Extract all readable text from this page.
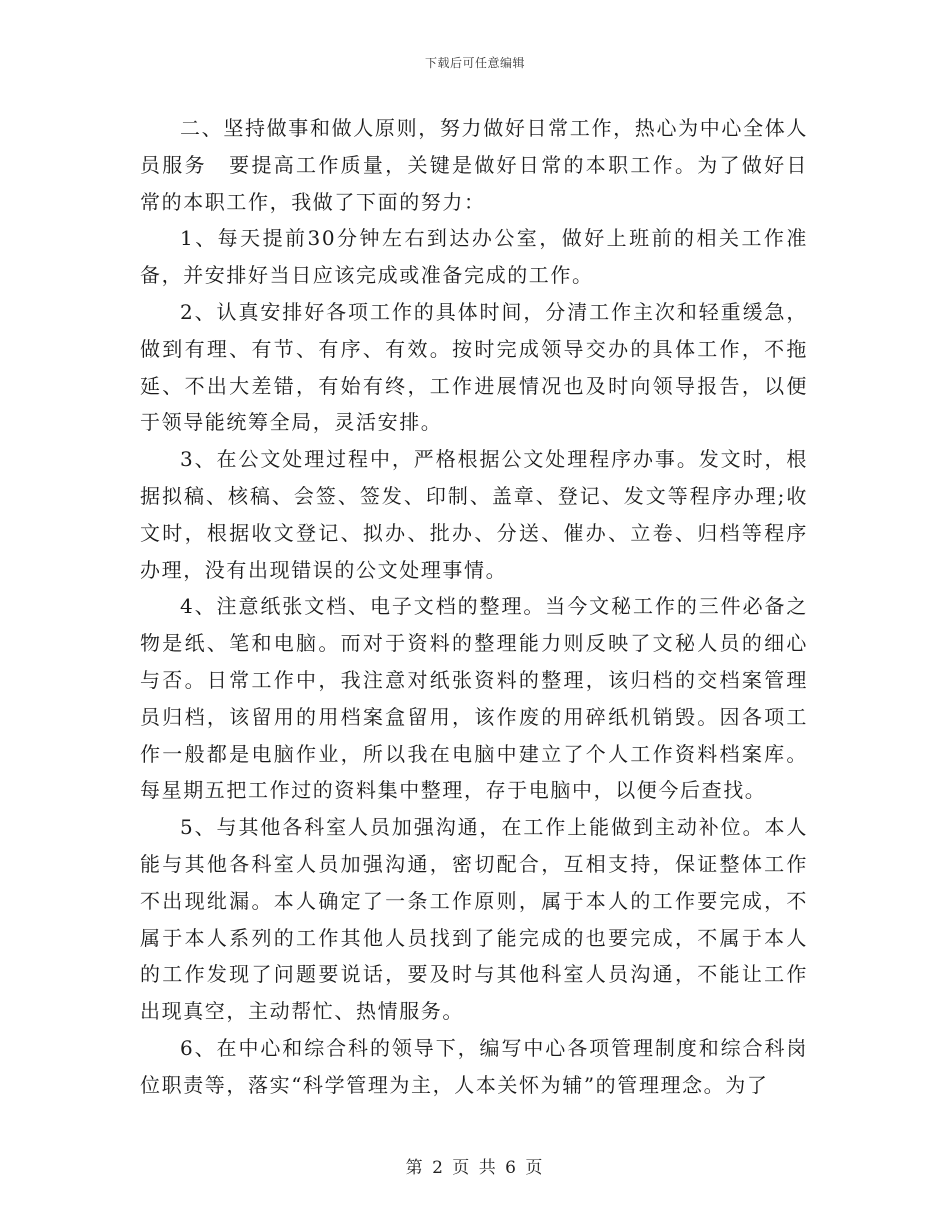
下载后可任意编辑

二、坚持做事和做人原则，努力做好日常工作，热心为中心全体人员服务　要提高工作质量，关键是做好日常的本职工作。为了做好日常的本职工作，我做了下面的努力：

1、每天提前30分钟左右到达办公室，做好上班前的相关工作准备，并安排好当日应该完成或准备完成的工作。

2、认真安排好各项工作的具体时间，分清工作主次和轻重缓急，做到有理、有节、有序、有效。按时完成领导交办的具体工作，不拖延、不出大差错，有始有终，工作进展情况也及时向领导报告，以便于领导能统筹全局，灵活安排。

3、在公文处理过程中，严格根据公文处理程序办事。发文时，根据拟稿、核稿、会签、签发、印制、盖章、登记、发文等程序办理;收文时，根据收文登记、拟办、批办、分送、催办、立卷、归档等程序办理，没有出现错误的公文处理事情。

4、注意纸张文档、电子文档的整理。当今文秘工作的三件必备之物是纸、笔和电脑。而对于资料的整理能力则反映了文秘人员的细心与否。日常工作中，我注意对纸张资料的整理，该归档的交档案管理员归档，该留用的用档案盒留用，该作废的用碎纸机销毁。因各项工作一般都是电脑作业，所以我在电脑中建立了个人工作资料档案库。每星期五把工作过的资料集中整理，存于电脑中，以便今后查找。

5、与其他各科室人员加强沟通，在工作上能做到主动补位。本人能与其他各科室人员加强沟通，密切配合，互相支持，保证整体工作不出现纰漏。本人确定了一条工作原则，属于本人的工作要完成，不属于本人系列的工作其他人员找到了能完成的也要完成，不属于本人的工作发现了问题要说话，要及时与其他科室人员沟通，不能让工作出现真空，主动帮忙、热情服务。

6、在中心和综合科的领导下，编写中心各项管理制度和综合科岗位职责等，落实“科学管理为主，人本关怀为辅”的管理理念。为了

第 2 页 共 6 页
